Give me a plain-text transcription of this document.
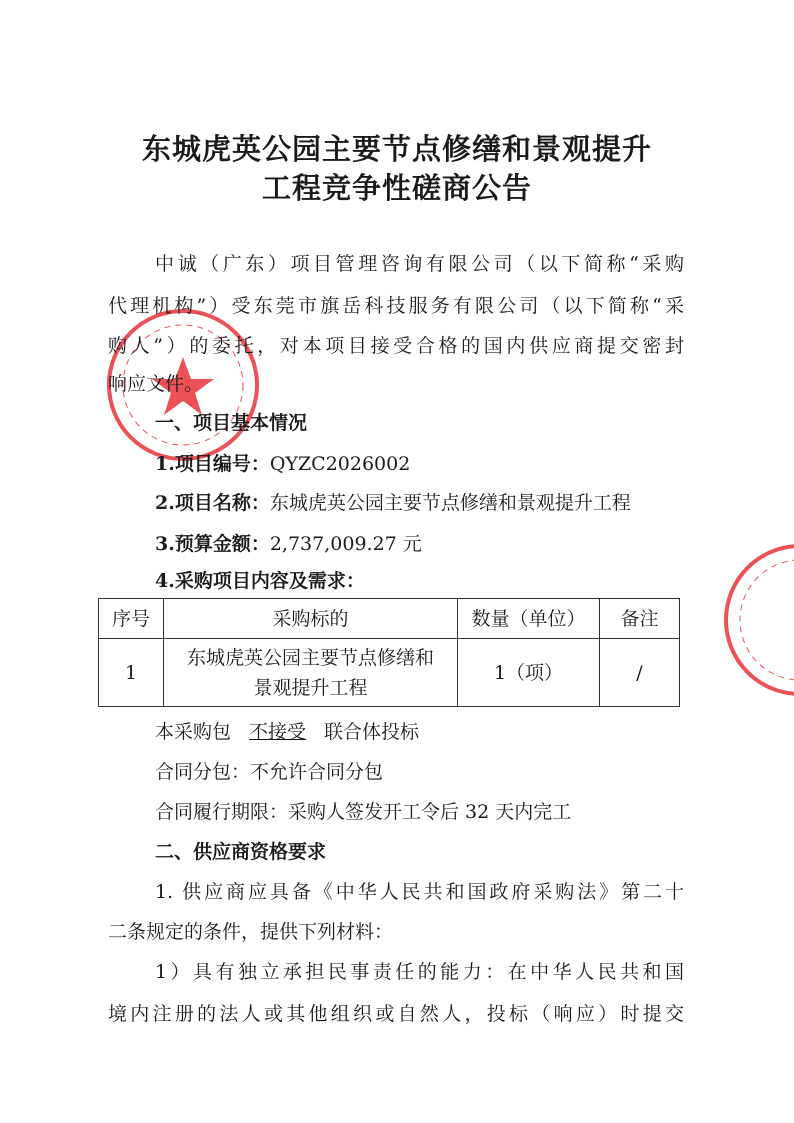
东城虎英公园主要节点修缮和景观提升
工程竞争性磋商公告
中诚（广东）项目管理咨询有限公司（以下简称“采购
代理机构”）受东莞市旗岳科技服务有限公司（以下简称“采
购人”）的委托，对本项目接受合格的国内供应商提交密封
响应文件。
一、项目基本情况
1.项目编号：QYZC2026002
2.项目名称：东城虎英公园主要节点修缮和景观提升工程
3.预算金额：2,737,009.27 元
4.采购项目内容及需求：
序号	采购标的	数量（单位）	备注
1	东城虎英公园主要节点修缮和景观提升工程	1（项）	/
本采购包 不接受 联合体投标
合同分包：不允许合同分包
合同履行期限：采购人签发开工令后 32 天内完工
二、供应商资格要求
1. 供应商应具备《中华人民共和国政府采购法》第二十
二条规定的条件，提供下列材料：
1）具有独立承担民事责任的能力：在中华人民共和国
境内注册的法人或其他组织或自然人，投标（响应）时提交
